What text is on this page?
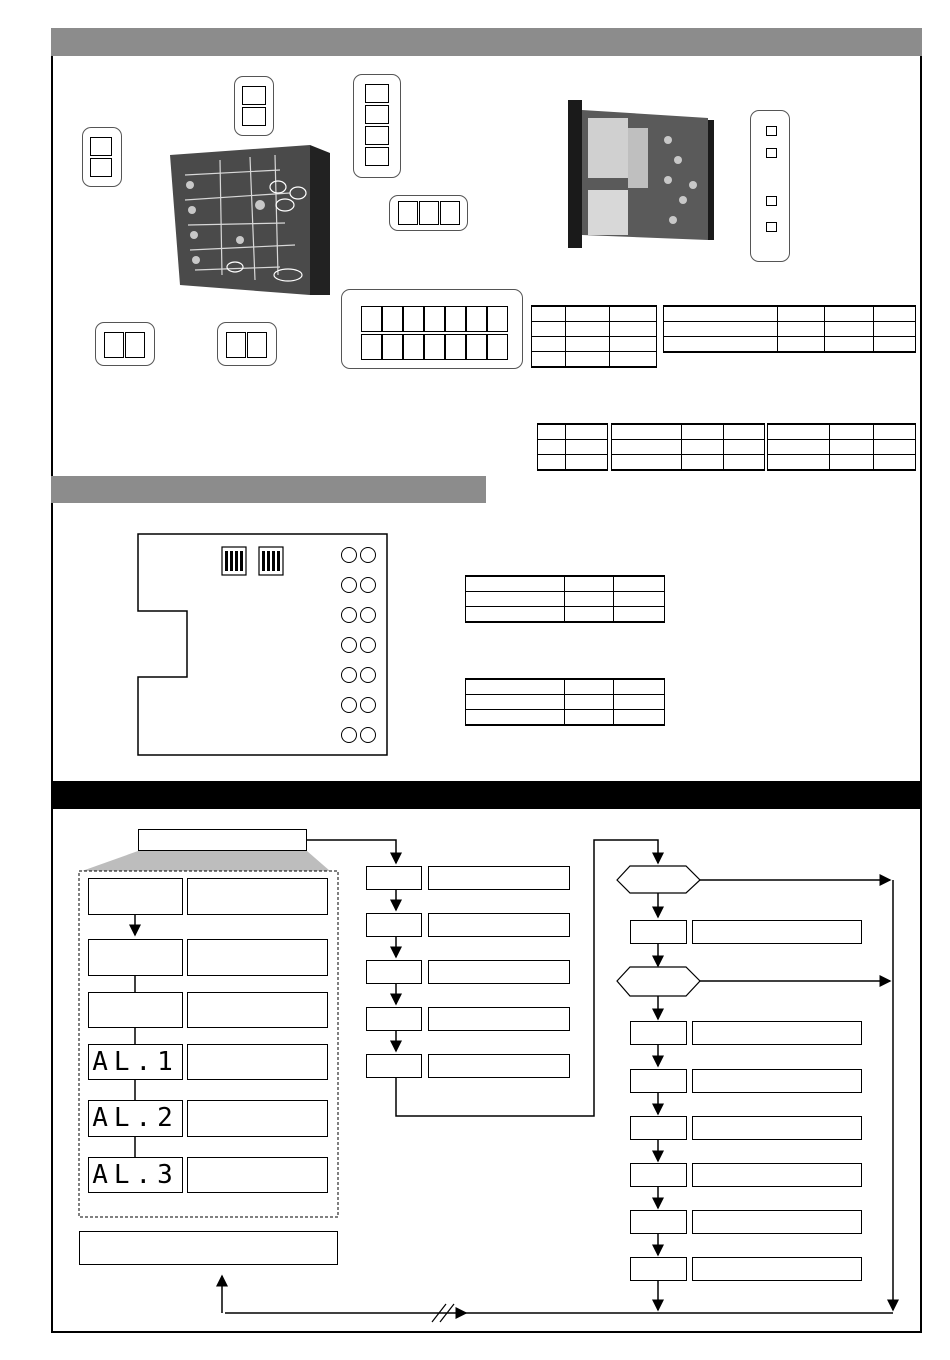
AL.1
AL.2
AL.3
